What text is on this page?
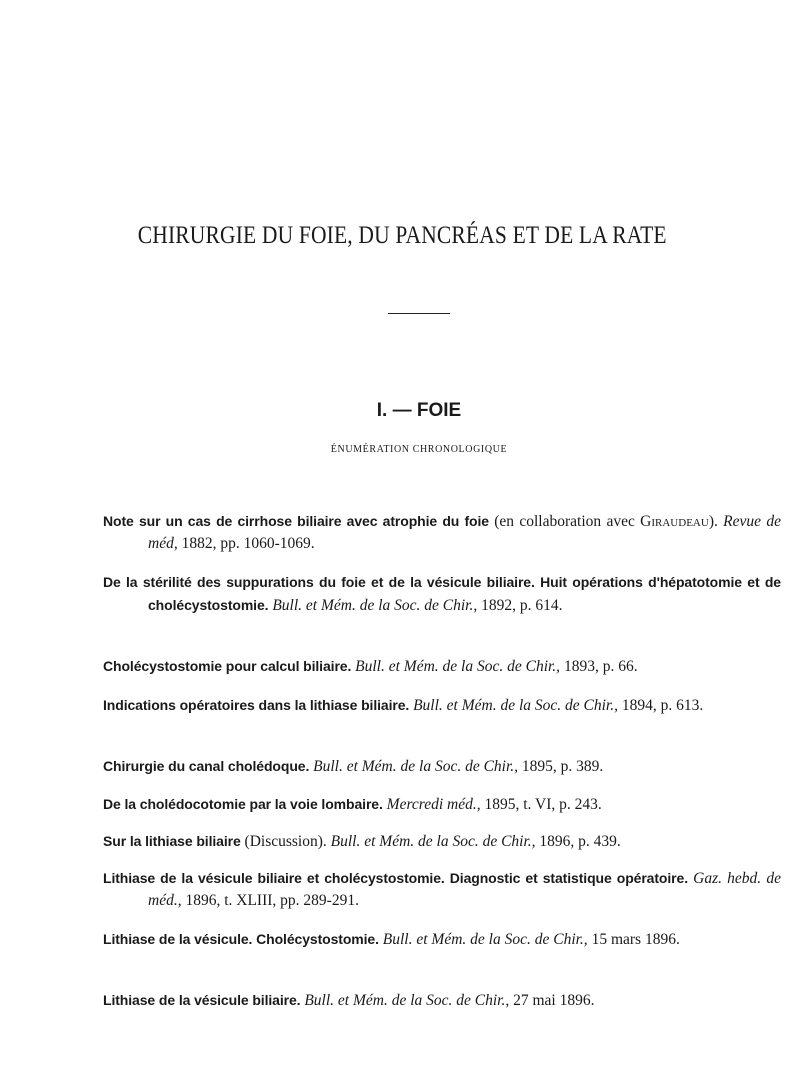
CHIRURGIE DU FOIE, DU PANCRÉAS ET DE LA RATE
I. — FOIE
ÉNUMÉRATION CHRONOLOGIQUE
Note sur un cas de cirrhose biliaire avec atrophie du foie (en collaboration avec Giraudeau). Revue de méd, 1882, pp. 1060-1069.
De la stérilité des suppurations du foie et de la vésicule biliaire. Huit opérations d'hépatotomie et de cholécystostomie. Bull. et Mém. de la Soc. de Chir., 1892, p. 614.
Cholécystostomie pour calcul biliaire. Bull. et Mém. de la Soc. de Chir., 1893, p. 66.
Indications opératoires dans la lithiase biliaire. Bull. et Mém. de la Soc. de Chir., 1894, p. 613.
Chirurgie du canal cholédoque. Bull. et Mém. de la Soc. de Chir., 1895, p. 389.
De la cholédocotomie par la voie lombaire. Mercredi méd., 1895, t. VI, p. 243.
Sur la lithiase biliaire (Discussion). Bull. et Mém. de la Soc. de Chir., 1896, p. 439.
Lithiase de la vésicule biliaire et cholécystostomie. Diagnostic et statistique opératoire. Gaz. hebd. de méd., 1896, t. XLIII, pp. 289-291.
Lithiase de la vésicule. Cholécystostomie. Bull. et Mém. de la Soc. de Chir., 15 mars 1896.
Lithiase de la vésicule biliaire. Bull. et Mém. de la Soc. de Chir., 27 mai 1896.
